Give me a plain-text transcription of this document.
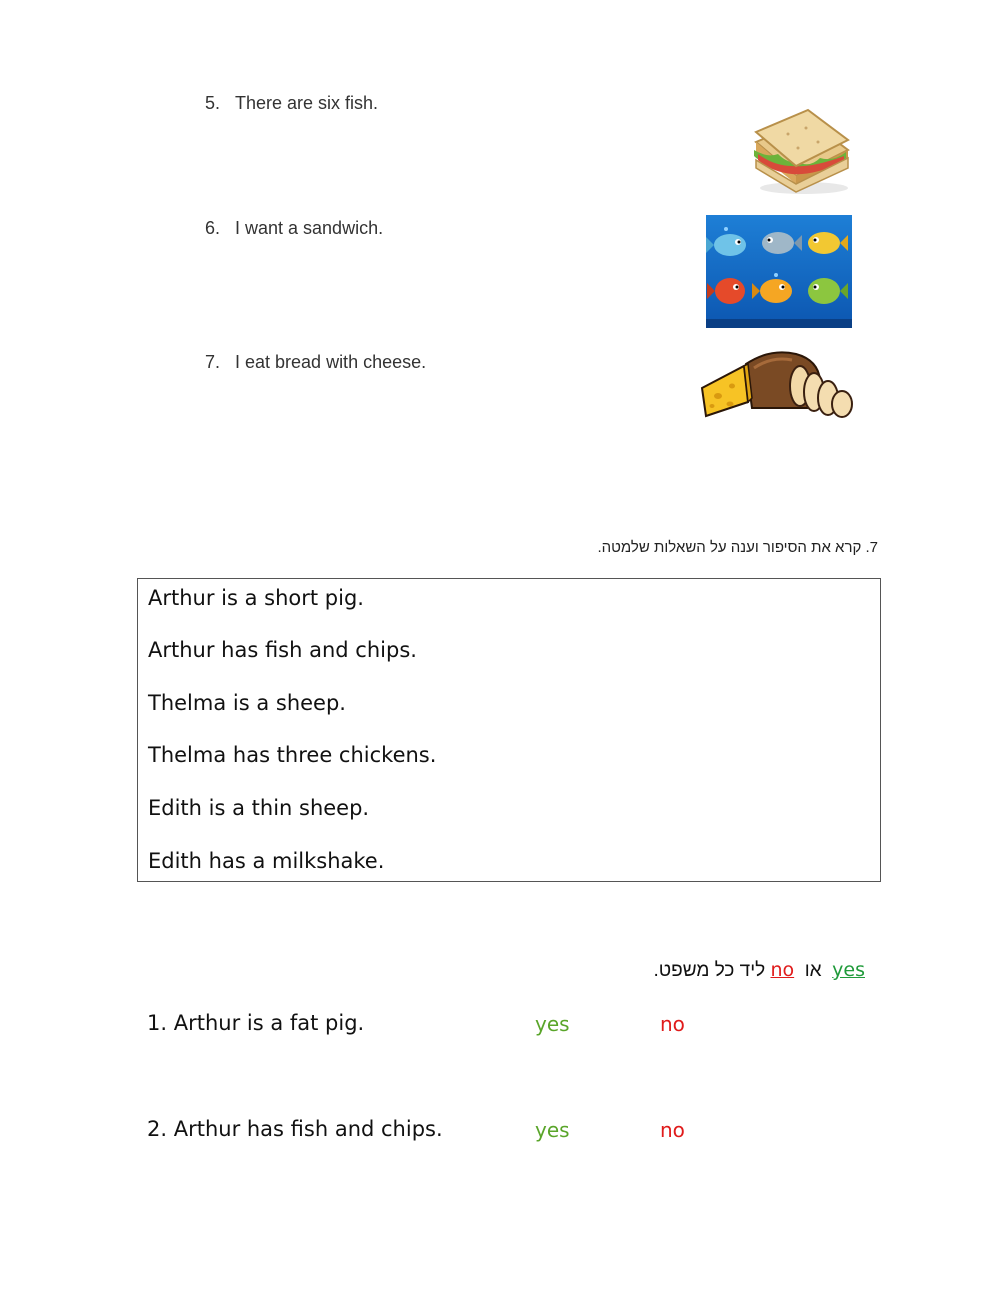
5. There are six fish.
6. I want a sandwich.
7. I eat bread with cheese.
7. קרא את הסיפור וענה על השאלות שלמטה.
Arthur is a short pig.
Arthur has fish and chips.
Thelma is a sheep.
Thelma has three chickens.
Edith is a thin sheep.
Edith has a milkshake.
yes  או  no ליד כל משפט.
1. Arthur is a fat pig.	yes	no
2. Arthur has fish and chips.	yes	no
